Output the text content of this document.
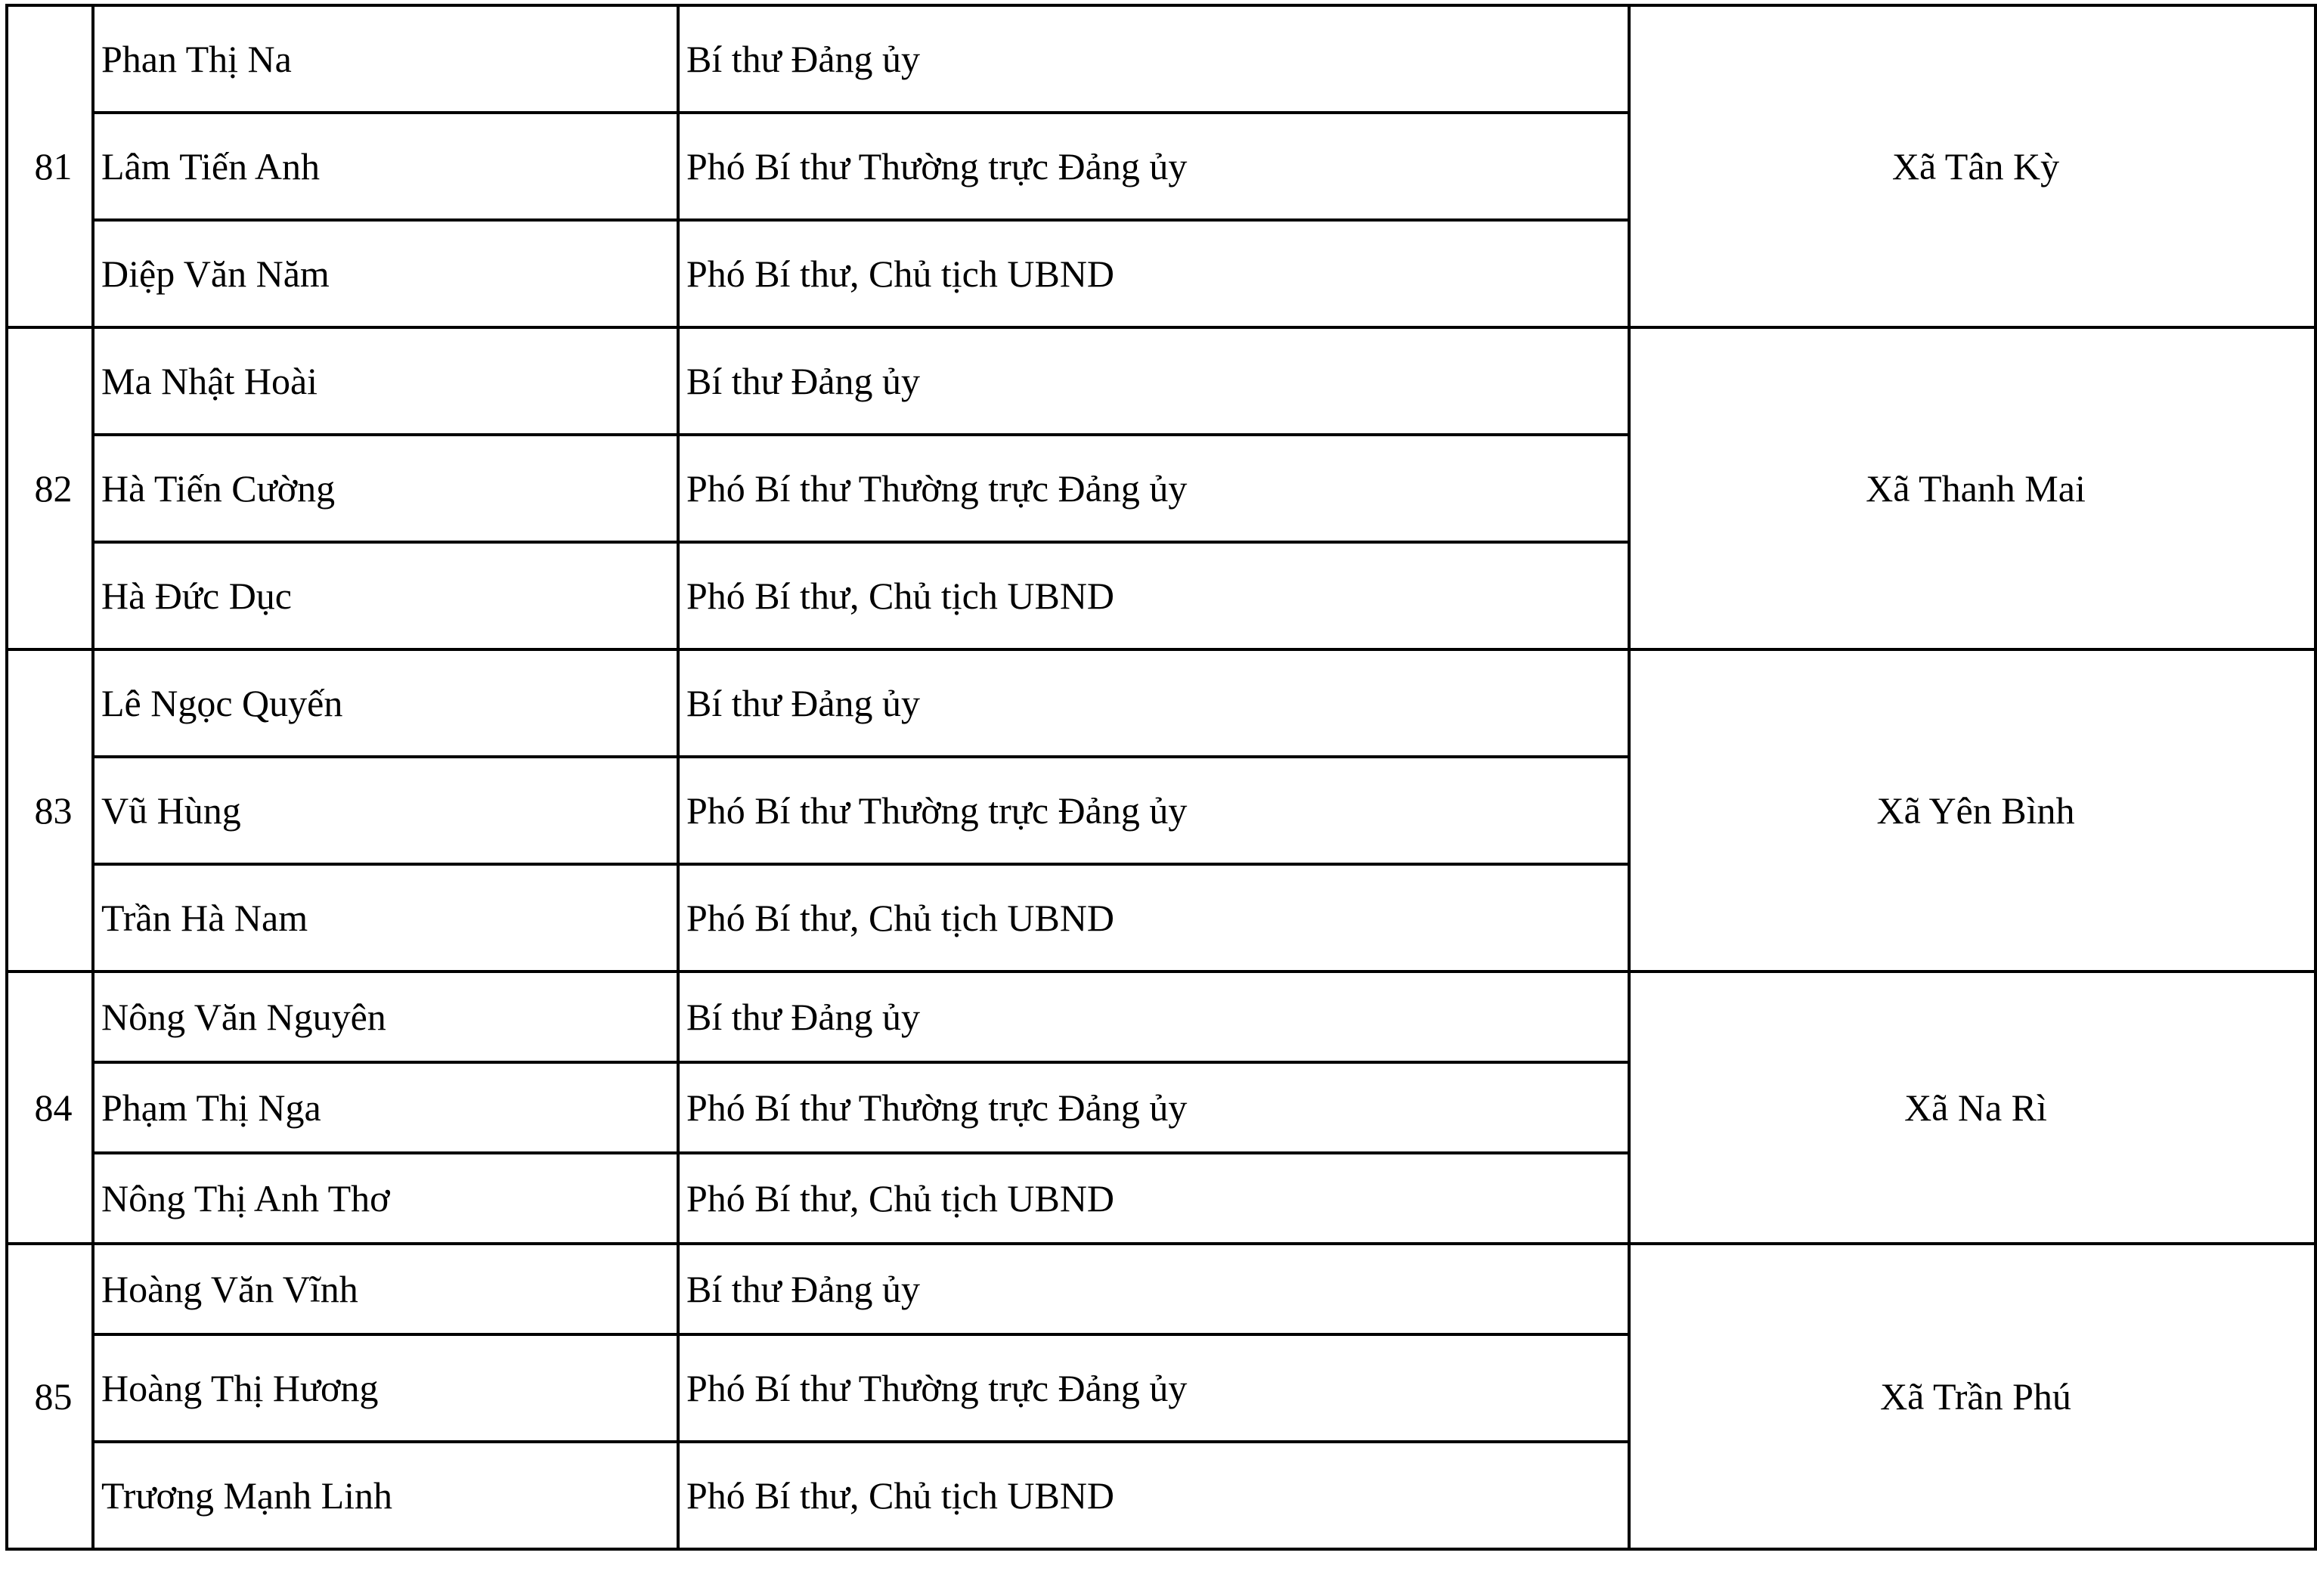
81	Phan Thị Na	Bí thư Đảng ủy	Xã Tân Kỳ
	Lâm Tiến Anh	Phó Bí thư Thường trực Đảng ủy	
	Diệp Văn Năm	Phó Bí thư, Chủ tịch UBND	
82	Ma Nhật Hoài	Bí thư Đảng ủy	Xã Thanh Mai
	Hà Tiến Cường	Phó Bí thư Thường trực Đảng ủy	
	Hà Đức Dục	Phó Bí thư, Chủ tịch UBND	
83	Lê Ngọc Quyến	Bí thư Đảng ủy	Xã Yên Bình
	Vũ Hùng	Phó Bí thư Thường trực Đảng ủy	
	Trần Hà Nam	Phó Bí thư, Chủ tịch UBND	
84	Nông Văn Nguyên	Bí thư Đảng ủy	Xã Na Rì
	Phạm Thị Nga	Phó Bí thư Thường trực Đảng ủy	
	Nông Thị Anh Thơ	Phó Bí thư, Chủ tịch UBND	
85	Hoàng Văn Vĩnh	Bí thư Đảng ủy	Xã Trần Phú
	Hoàng Thị Hương	Phó Bí thư Thường trực Đảng ủy	
	Trương Mạnh Linh	Phó Bí thư, Chủ tịch UBND	
